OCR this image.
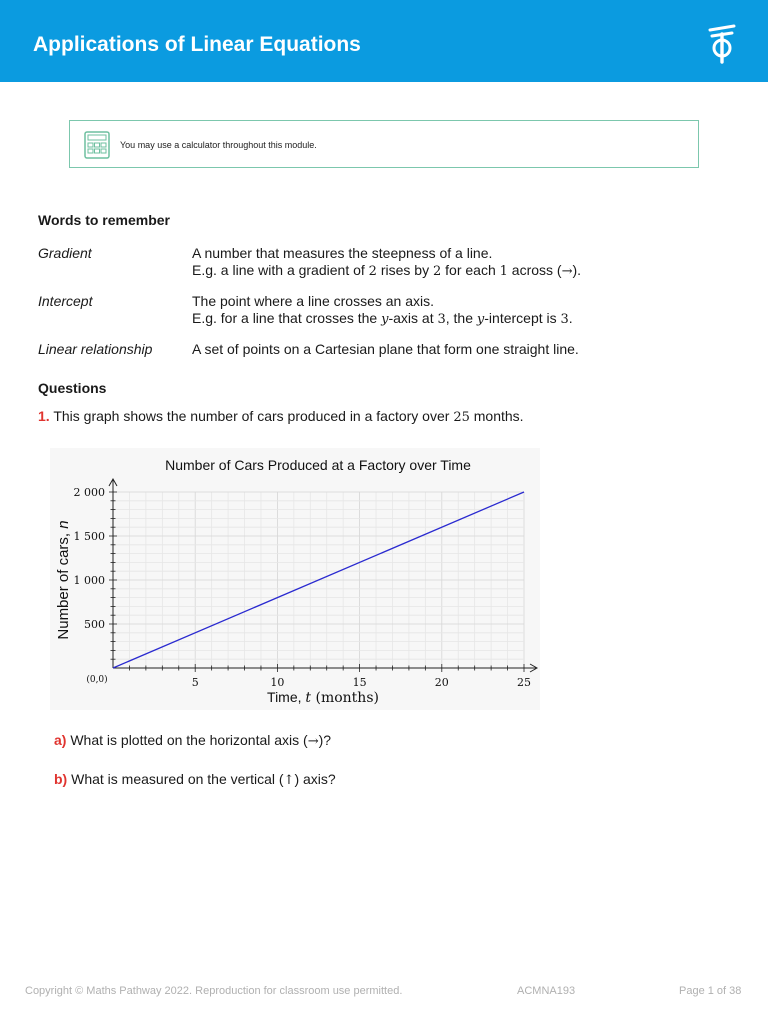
Applications of Linear Equations
You may use a calculator throughout this module.
Words to remember
Gradient	A number that measures the steepness of a line.
E.g. a line with a gradient of 2 rises by 2 for each 1 across (→).
Intercept	The point where a line crosses an axis.
E.g. for a line that crosses the y-axis at 3, the y-intercept is 3.
Linear relationship	A set of points on a Cartesian plane that form one straight line.
Questions
1. This graph shows the number of cars produced in a factory over 25 months.
5	10	15	20	25
500
1 000
1 500
2 000
Number of Cars Produced at a Factory over Time
(0,0)
Time, t (months)
Number of cars, n
a) What is plotted on the horizontal axis (→)?
b) What is measured on the vertical (↑) axis?
Copyright © Maths Pathway 2022. Reproduction for classroom use permitted.	ACMNA193	Page 1 of 38
